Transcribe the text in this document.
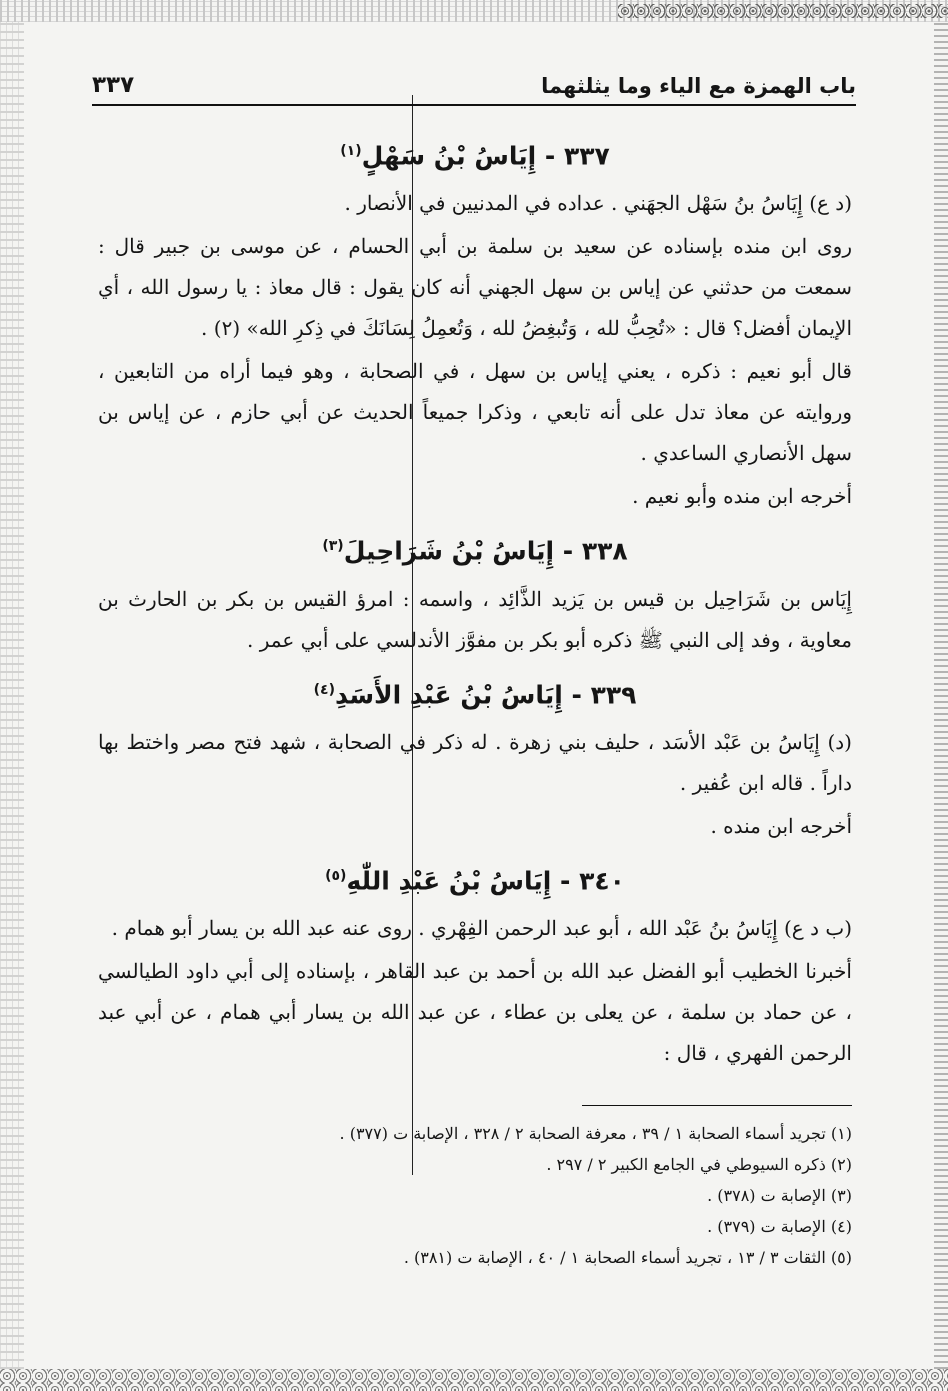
باب الهمزة مع الياء وما يثلثهما
٣٣٧
٣٣٧ - إِيَاسُ بْنُ سَهْلٍ$^{(١)}$

(د ع) إِيَاسُ بنُ سَهْل الجهَني . عداده في المدنيين في الأنصار .

روى ابن منده بإسناده عن سعيد بن سلمة بن أبي الحسام ، عن موسى بن جبير قال : سمعت من حدثني عن إياس بن سهل الجهني أنه كان يقول : قال معاذ : يا رسول الله ، أي الإيمان أفضل؟ قال : «تُحِبُّ لله ، وَتُبغِضُ لله ، وَتُعمِلُ لِسَانَكَ في ذِكرِ الله» (٢) .

قال أبو نعيم : ذكره ، يعني إياس بن سهل ، في الصحابة ، وهو فيما أراه من التابعين ، وروايته عن معاذ تدل على أنه تابعي ، وذكرا جميعاً الحديث عن أبي حازم ، عن إياس بن سهل الأنصاري الساعدي .

أخرجه ابن منده وأبو نعيم .

٣٣٨ - إِيَاسُ بْنُ شَرَاحِيلَ$^{(٣)}$

إِيَاس بن شَرَاحِيل بن قيس بن يَزيد الذَّائِد ، واسمه : امرؤ القيس بن بكر بن الحارث بن معاوية ، وفد إلى النبي ﷺ ذكره أبو بكر بن مفوَّز الأندلسي على أبي عمر .

٣٣٩ - إِيَاسُ بْنُ عَبْدِ الأَسَدِ$^{(٤)}$

(د) إِيَاسُ بن عَبْد الأسَد ، حليف بني زهرة . له ذكر في الصحابة ، شهد فتح مصر واختط بها داراً . قاله ابن عُفير .

أخرجه ابن منده .

٣٤٠ - إِيَاسُ بْنُ عَبْدِ اللّٰهِ$^{(٥)}$

(ب د ع) إِيَاسُ بنُ عَبْد الله ، أبو عبد الرحمن الفِهْري . روى عنه عبد الله بن يسار أبو همام .

أخبرنا الخطيب أبو الفضل عبد الله بن أحمد بن عبد القاهر ، بإسناده إلى أبي داود الطيالسي ، عن حماد بن سلمة ، عن يعلى بن عطاء ، عن عبد الله بن يسار أبي همام ، عن أبي عبد الرحمن الفهري ، قال :

(١) تجريد أسماء الصحابة ١ / ٣٩ ، معرفة الصحابة ٢ / ٣٢٨ ، الإصابة ت (٣٧٧) .
(٢) ذكره السيوطي في الجامع الكبير ٢ / ٢٩٧ .
(٣) الإصابة ت (٣٧٨) .
(٤) الإصابة ت (٣٧٩) .
(٥) الثقات ٣ / ١٣ ، تجريد أسماء الصحابة ١ / ٤٠ ، الإصابة ت (٣٨١) .
